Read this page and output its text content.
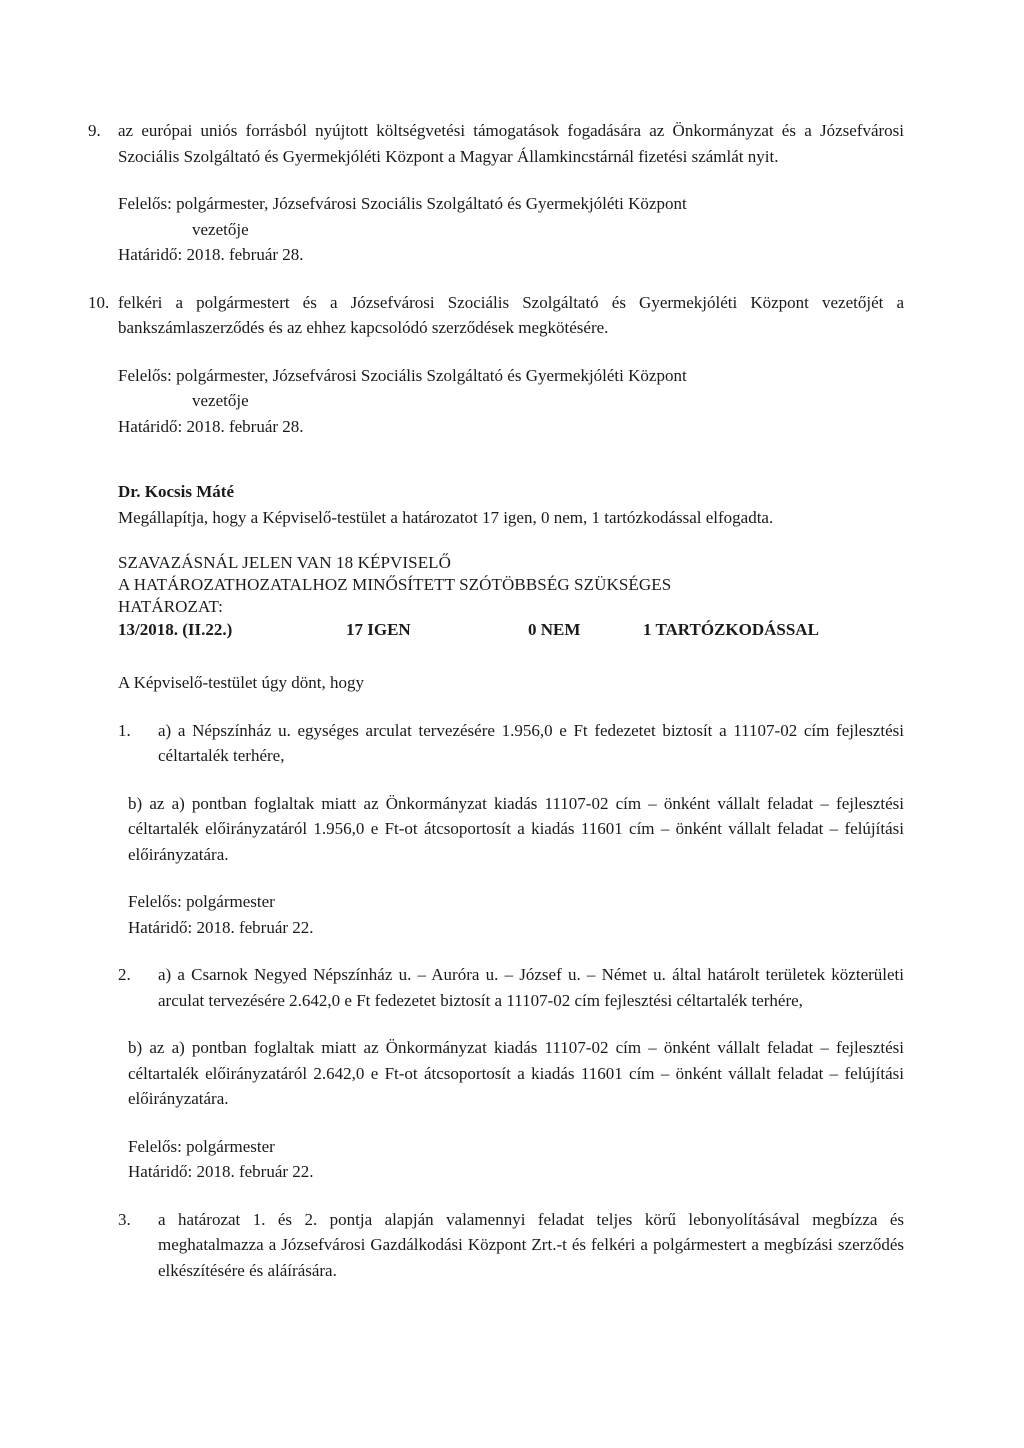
9.	az európai uniós forrásból nyújtott költségvetési támogatások fogadására az Önkormányzat és a Józsefvárosi Szociális Szolgáltató és Gyermekjóléti Központ a Magyar Államkincstárnál fizetési számlát nyit.
Felelős: polgármester, Józsefvárosi Szociális Szolgáltató és Gyermekjóléti Központ
vezetője
Határidő: 2018. február 28.
10. felkéri a polgármestert és a Józsefvárosi Szociális Szolgáltató és Gyermekjóléti Központ vezetőjét a bankszámlaszerződés és az ehhez kapcsolódó szerződések megkötésére.
Felelős: polgármester, Józsefvárosi Szociális Szolgáltató és Gyermekjóléti Központ
vezetője
Határidő: 2018. február 28.
Dr. Kocsis Máté
Megállapítja, hogy a Képviselő-testület a határozatot 17 igen, 0 nem, 1 tartózkodással elfogadta.
SZAVAZÁSNÁL JELEN VAN 18 KÉPVISELŐ
A HATÁROZATHOZATALHOZ MINŐSÍTETT SZÓTÖBBSÉG SZÜKSÉGES
HATÁROZAT:
13/2018. (II.22.)	17 IGEN	0 NEM	1 TARTÓZKODÁSSAL
A Képviselő-testület úgy dönt, hogy
1.	a) a Népszínház u. egységes arculat tervezésére 1.956,0 e Ft fedezetet biztosít a 11107-02 cím fejlesztési céltartalék terhére,
b) az a) pontban foglaltak miatt az Önkormányzat kiadás 11107-02 cím – önként vállalt feladat – fejlesztési céltartalék előirányzatáról 1.956,0 e Ft-ot átcsoportosít a kiadás 11601 cím – önként vállalt feladat – felújítási előirányzatára.
Felelős: polgármester
Határidő: 2018. február 22.
2.	a) a Csarnok Negyed Népszínház u. – Auróra u. – József u. – Német u. által határolt területek közterületi arculat tervezésére 2.642,0 e Ft fedezetet biztosít a 11107-02 cím fejlesztési céltartalék terhére,
b) az a) pontban foglaltak miatt az Önkormányzat kiadás 11107-02 cím – önként vállalt feladat – fejlesztési céltartalék előirányzatáról 2.642,0 e Ft-ot átcsoportosít a kiadás 11601 cím – önként vállalt feladat – felújítási előirányzatára.
Felelős: polgármester
Határidő: 2018. február 22.
3.	a határozat 1. és 2. pontja alapján valamennyi feladat teljes körű lebonyolításával megbízza és meghatalmazza a Józsefvárosi Gazdálkodási Központ Zrt.-t és felkéri a polgármestert a megbízási szerződés elkészítésére és aláírására.
